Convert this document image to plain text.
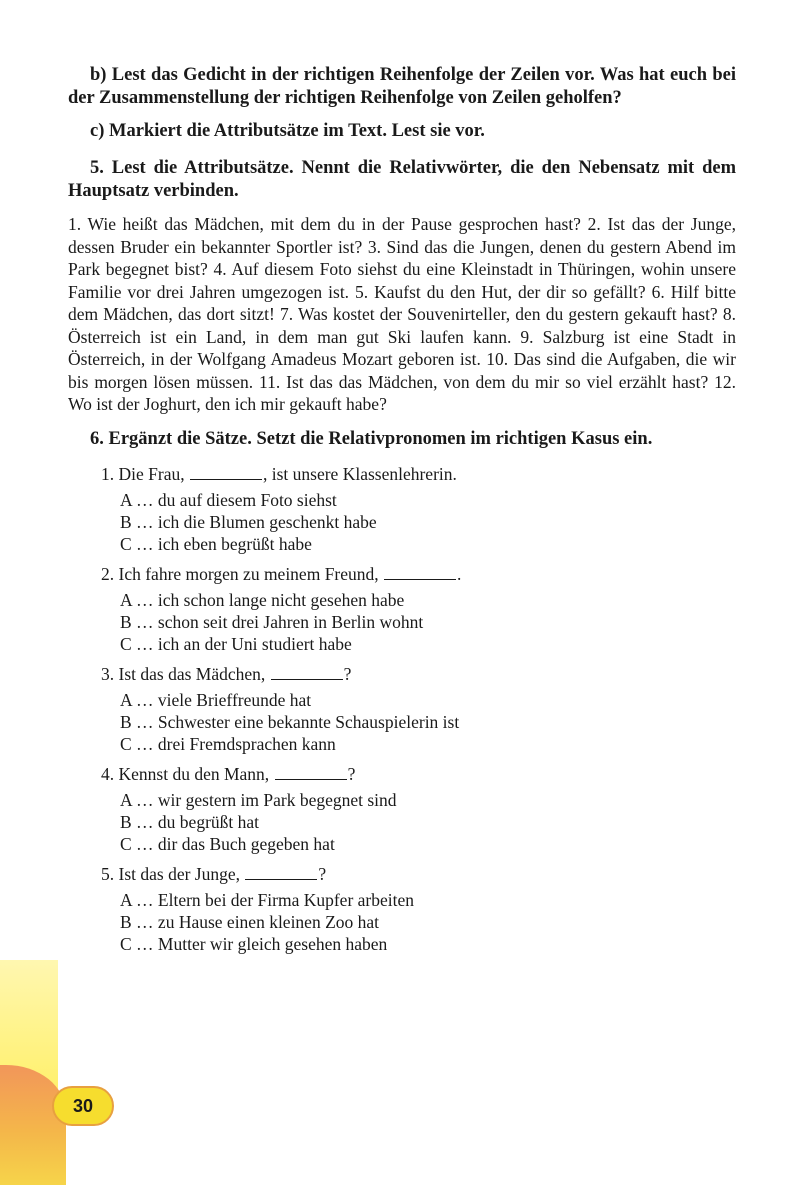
30

b) Lest das Gedicht in der richtigen Reihenfolge der Zeilen vor. Was hat euch bei der Zusammenstellung der richtigen Reihenfolge von Zeilen geholfen?

c) Markiert die Attributsätze im Text. Lest sie vor.

5. Lest die Attributsätze. Nennt die Relativwörter, die den Nebensatz mit dem Hauptsatz verbinden.

1. Wie heißt das Mädchen, mit dem du in der Pause gesprochen hast? 2. Ist das der Junge, dessen Bruder ein bekannter Sportler ist? 3. Sind das die Jungen, denen du gestern Abend im Park begegnet bist? 4. Auf diesem Foto siehst du eine Kleinstadt in Thüringen, wohin unsere Familie vor drei Jahren umgezogen ist. 5. Kaufst du den Hut, der dir so gefällt? 6. Hilf bitte dem Mädchen, das dort sitzt! 7. Was kostet der Souvenirteller, den du gestern gekauft hast? 8. Österreich ist ein Land, in dem man gut Ski laufen kann. 9. Salzburg ist eine Stadt in Österreich, in der Wolfgang Amadeus Mozart geboren ist. 10. Das sind die Aufgaben, die wir bis morgen lösen müssen. 11. Ist das das Mädchen, von dem du mir so viel erzählt hast? 12. Wo ist der Joghurt, den ich mir gekauft habe?

6. Ergänzt die Sätze. Setzt die Relativpronomen im richtigen Kasus ein.

1. Die Frau,	, ist unsere Klassenlehrerin.
A … du auf diesem Foto siehst
B … ich die Blumen geschenkt habe
C … ich eben begrüßt habe
2. Ich fahre morgen zu meinem Freund,	.
A … ich schon lange nicht gesehen habe
B … schon seit drei Jahren in Berlin wohnt
C … ich an der Uni studiert habe
3. Ist das das Mädchen,	?
A … viele Brieffreunde hat
B … Schwester eine bekannte Schauspielerin ist
C … drei Fremdsprachen kann
4. Kennst du den Mann,	?
A … wir gestern im Park begegnet sind
B … du begrüßt hat
C … dir das Buch gegeben hat
5. Ist das der Junge,	?
A … Eltern bei der Firma Kupfer arbeiten
B … zu Hause einen kleinen Zoo hat
C … Mutter wir gleich gesehen haben
